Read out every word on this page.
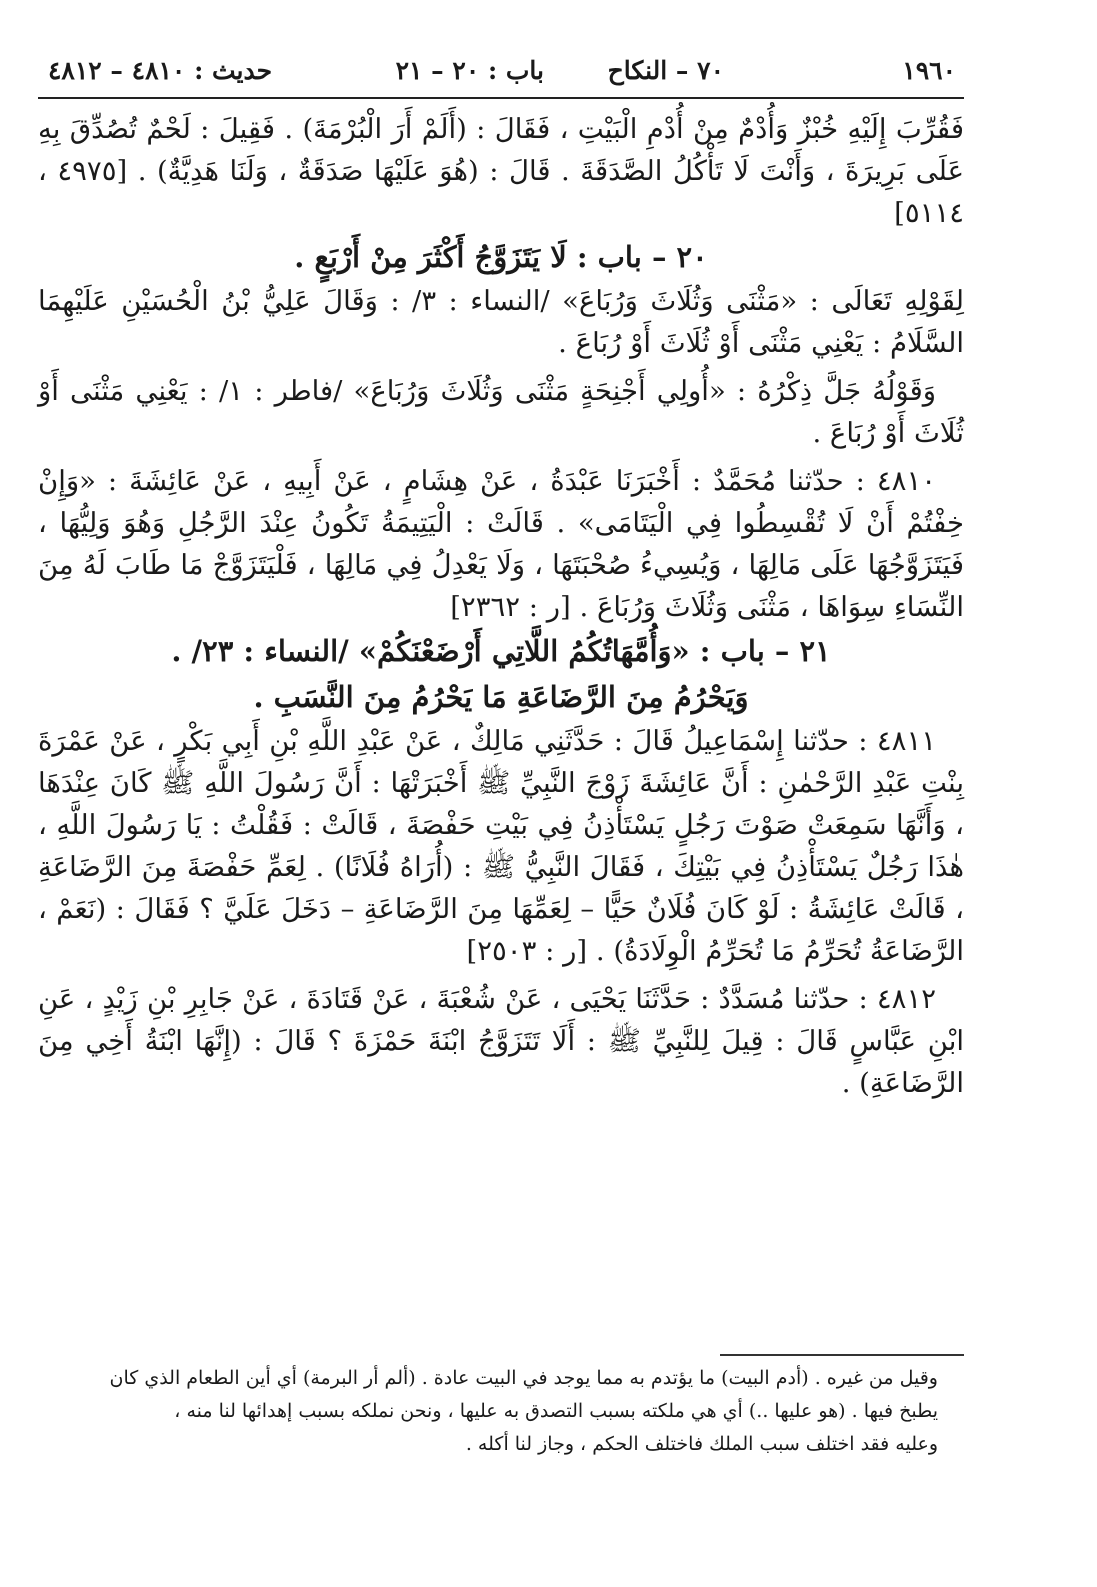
١٩٦٠
٧٠ – النكاح
باب : ٢٠ – ٢١
حديث : ٤٨١٠ – ٤٨١٢

فَقُرِّبَ إِلَيْهِ خُبْزٌ وَأُدْمٌ مِنْ أُدْمِ الْبَيْتِ ، فَقَالَ : (أَلَمْ أَرَ الْبُرْمَةَ) . فَقِيلَ : لَحْمٌ تُصُدِّقَ بِهِ عَلَى بَرِيرَةَ ، وَأَنْتَ لَا تَأْكُلُ الصَّدَقَةَ . قَالَ : (هُوَ عَلَيْهَا صَدَقَةٌ ، وَلَنَا هَدِيَّةٌ) . [٤٩٧٥ ، ٥١١٤]

٢٠ – باب : لَا يَتَزَوَّجُ أَكْثَرَ مِنْ أَرْبَعٍ .

لِقَوْلِهِ تَعَالَى : «مَثْنَى وَثُلَاثَ وَرُبَاعَ» /النساء : ٣/ : وَقَالَ عَلِيُّ بْنُ الْحُسَيْنِ عَلَيْهِمَا السَّلَامُ : يَعْنِي مَثْنَى أَوْ ثُلَاثَ أَوْ رُبَاعَ .

وَقَوْلُهُ جَلَّ ذِكْرُهُ : «أُولِي أَجْنِحَةٍ مَثْنَى وَثُلَاثَ وَرُبَاعَ» /فاطر : ١/ : يَعْنِي مَثْنَى أَوْ ثُلَاثَ أَوْ رُبَاعَ .

٤٨١٠ : حدّثنا مُحَمَّدٌ : أَخْبَرَنَا عَبْدَةُ ، عَنْ هِشَامٍ ، عَنْ أَبِيهِ ، عَنْ عَائِشَةَ : «وَإِنْ خِفْتُمْ أَنْ لَا تُقْسِطُوا فِي الْيَتَامَى» . قَالَتْ : الْيَتِيمَةُ تَكُونُ عِنْدَ الرَّجُلِ وَهُوَ وَلِيُّهَا ، فَيَتَزَوَّجُهَا عَلَى مَالِهَا ، وَيُسِيءُ صُحْبَتَهَا ، وَلَا يَعْدِلُ فِي مَالِهَا ، فَلْيَتَزَوَّجْ مَا طَابَ لَهُ مِنَ النِّسَاءِ سِوَاهَا ، مَثْنَى وَثُلَاثَ وَرُبَاعَ . [ر : ٢٣٦٢]

٢١ – باب : «وَأُمَّهَاتُكُمُ اللَّاتِي أَرْضَعْنَكُمْ» /النساء : ٢٣/ .

وَيَحْرُمُ مِنَ الرَّضَاعَةِ مَا يَحْرُمُ مِنَ النَّسَبِ .

٤٨١١ : حدّثنا إِسْمَاعِيلُ قَالَ : حَدَّثَنِي مَالِكٌ ، عَنْ عَبْدِ اللَّهِ بْنِ أَبِي بَكْرٍ ، عَنْ عَمْرَةَ بِنْتِ عَبْدِ الرَّحْمٰنِ : أَنَّ عَائِشَةَ زَوْجَ النَّبِيِّ ﷺ أَخْبَرَتْهَا : أَنَّ رَسُولَ اللَّهِ ﷺ كَانَ عِنْدَهَا ، وَأَنَّهَا سَمِعَتْ صَوْتَ رَجُلٍ يَسْتَأْذِنُ فِي بَيْتِ حَفْصَةَ ، قَالَتْ : فَقُلْتُ : يَا رَسُولَ اللَّهِ ، هٰذَا رَجُلٌ يَسْتَأْذِنُ فِي بَيْتِكَ ، فَقَالَ النَّبِيُّ ﷺ : (أُرَاهُ فُلَانًا) . لِعَمِّ حَفْصَةَ مِنَ الرَّضَاعَةِ ، قَالَتْ عَائِشَةُ : لَوْ كَانَ فُلَانٌ حَيًّا – لِعَمِّهَا مِنَ الرَّضَاعَةِ – دَخَلَ عَلَيَّ ؟ فَقَالَ : (نَعَمْ ، الرَّضَاعَةُ تُحَرِّمُ مَا تُحَرِّمُ الْوِلَادَةُ) . [ر : ٢٥٠٣]

٤٨١٢ : حدّثنا مُسَدَّدٌ : حَدَّثَنَا يَحْيَى ، عَنْ شُعْبَةَ ، عَنْ قَتَادَةَ ، عَنْ جَابِرِ بْنِ زَيْدٍ ، عَنِ ابْنِ عَبَّاسٍ قَالَ : قِيلَ لِلنَّبِيِّ ﷺ : أَلَا تَتَزَوَّجُ ابْنَةَ حَمْزَةَ ؟ قَالَ : (إِنَّهَا ابْنَةُ أَخِي مِنَ الرَّضَاعَةِ) .

وقيل من غيره . (أدم البيت) ما يؤتدم به مما يوجد في البيت عادة . (ألم أر البرمة) أي أين الطعام الذي كان
يطبخ فيها . (هو عليها ..) أي هي ملكته بسبب التصدق به عليها ، ونحن نملكه بسبب إهدائها لنا منه ،
وعليه فقد اختلف سبب الملك فاختلف الحكم ، وجاز لنا أكله .
